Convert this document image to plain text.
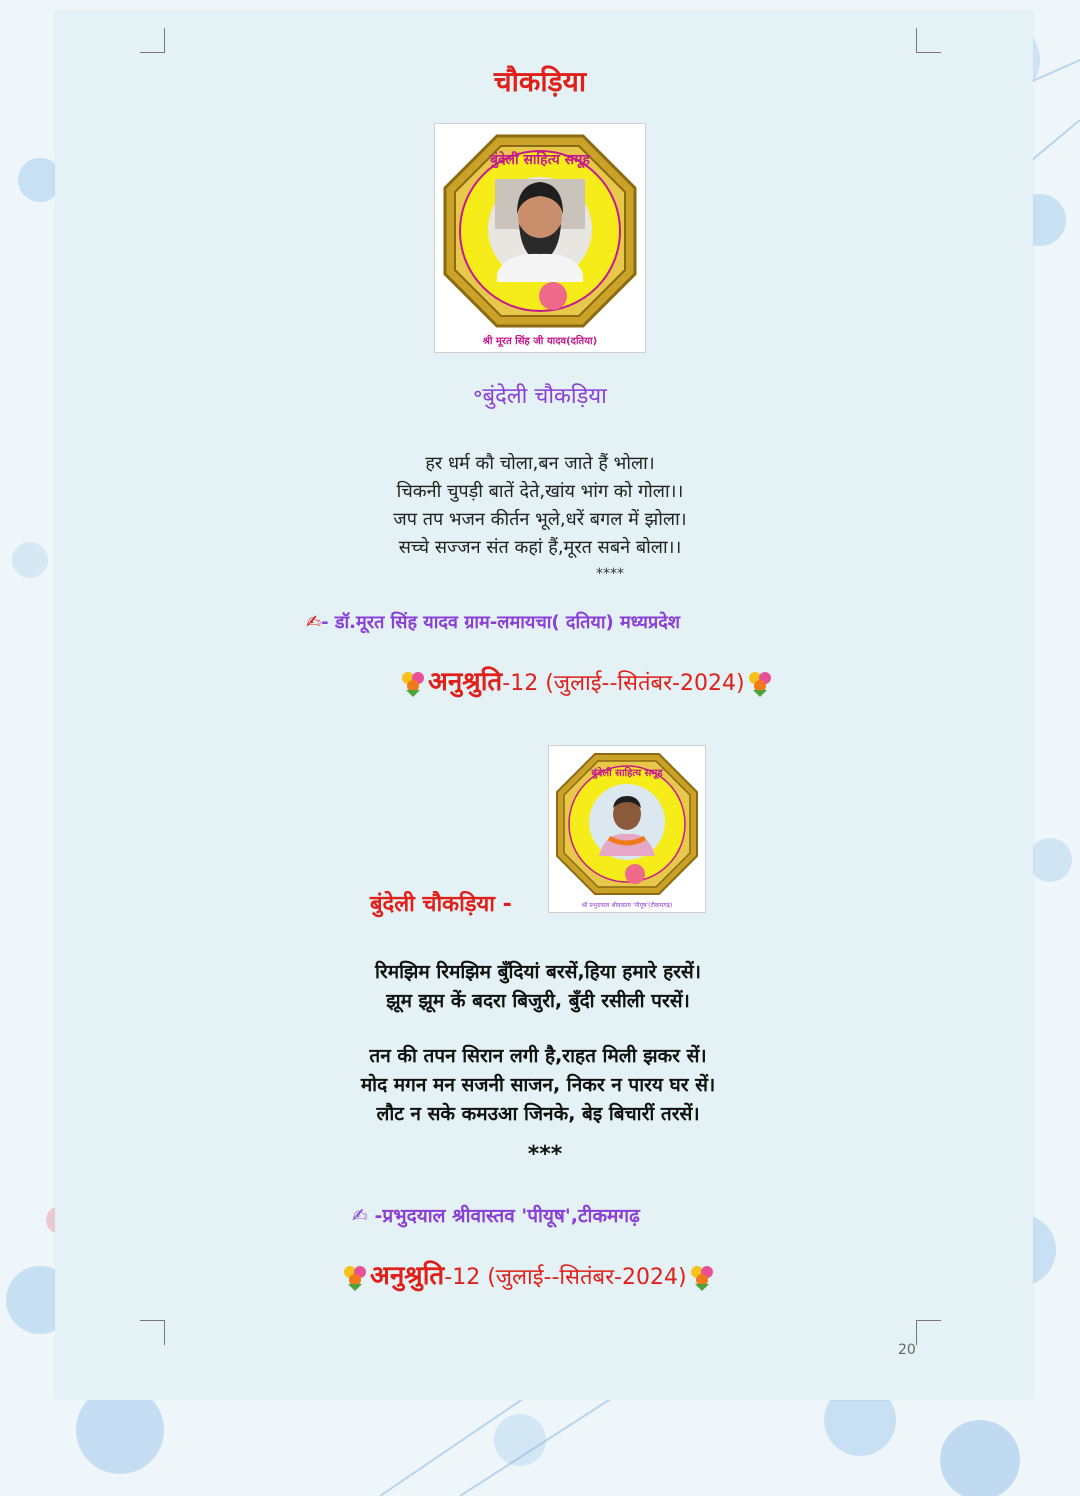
चौकड़िया
बुंदेली साहित्य समूह
श्री मूरत सिंह जी यादव(दतिया)
॰बुंदेली चौकड़िया
हर धर्म कौ चोला,बन जाते हैं भोला।
चिकनी चुपड़ी बातें देते,खांय भांग को गोला।।
जप तप भजन कीर्तन भूले,धरें बगल में झोला।
सच्चे सज्जन संत कहां हैं,मूरत सबने बोला।।
****
✍- डॉ.मूरत सिंह यादव ग्राम-लमायचा( दतिया) मध्यप्रदेश
अनुश्रुति-12 (जुलाई--सितंबर-2024)
बुंदेली साहित्य समूह
श्री प्रभुदयाल श्रीवास्तव 'पीयूष'(टीकमगढ़)
बुंदेली चौकड़िया -
रिमझिम रिमझिम बुँदियां बरसें,हिया हमारे हरसें।
झूम झूम कें बदरा बिजुरी, बुँदी रसीली परसें।
तन की तपन सिरान लगी है,राहत मिली झकर सें।
मोद मगन मन सजनी साजन, निकर न पारय घर सें।
लौट न सके कमउआ जिनके, बेइ बिचारीं तरसें।
***
✍ -प्रभुदयाल श्रीवास्तव 'पीयूष',टीकमगढ़
अनुश्रुति-12 (जुलाई--सितंबर-2024)
20
